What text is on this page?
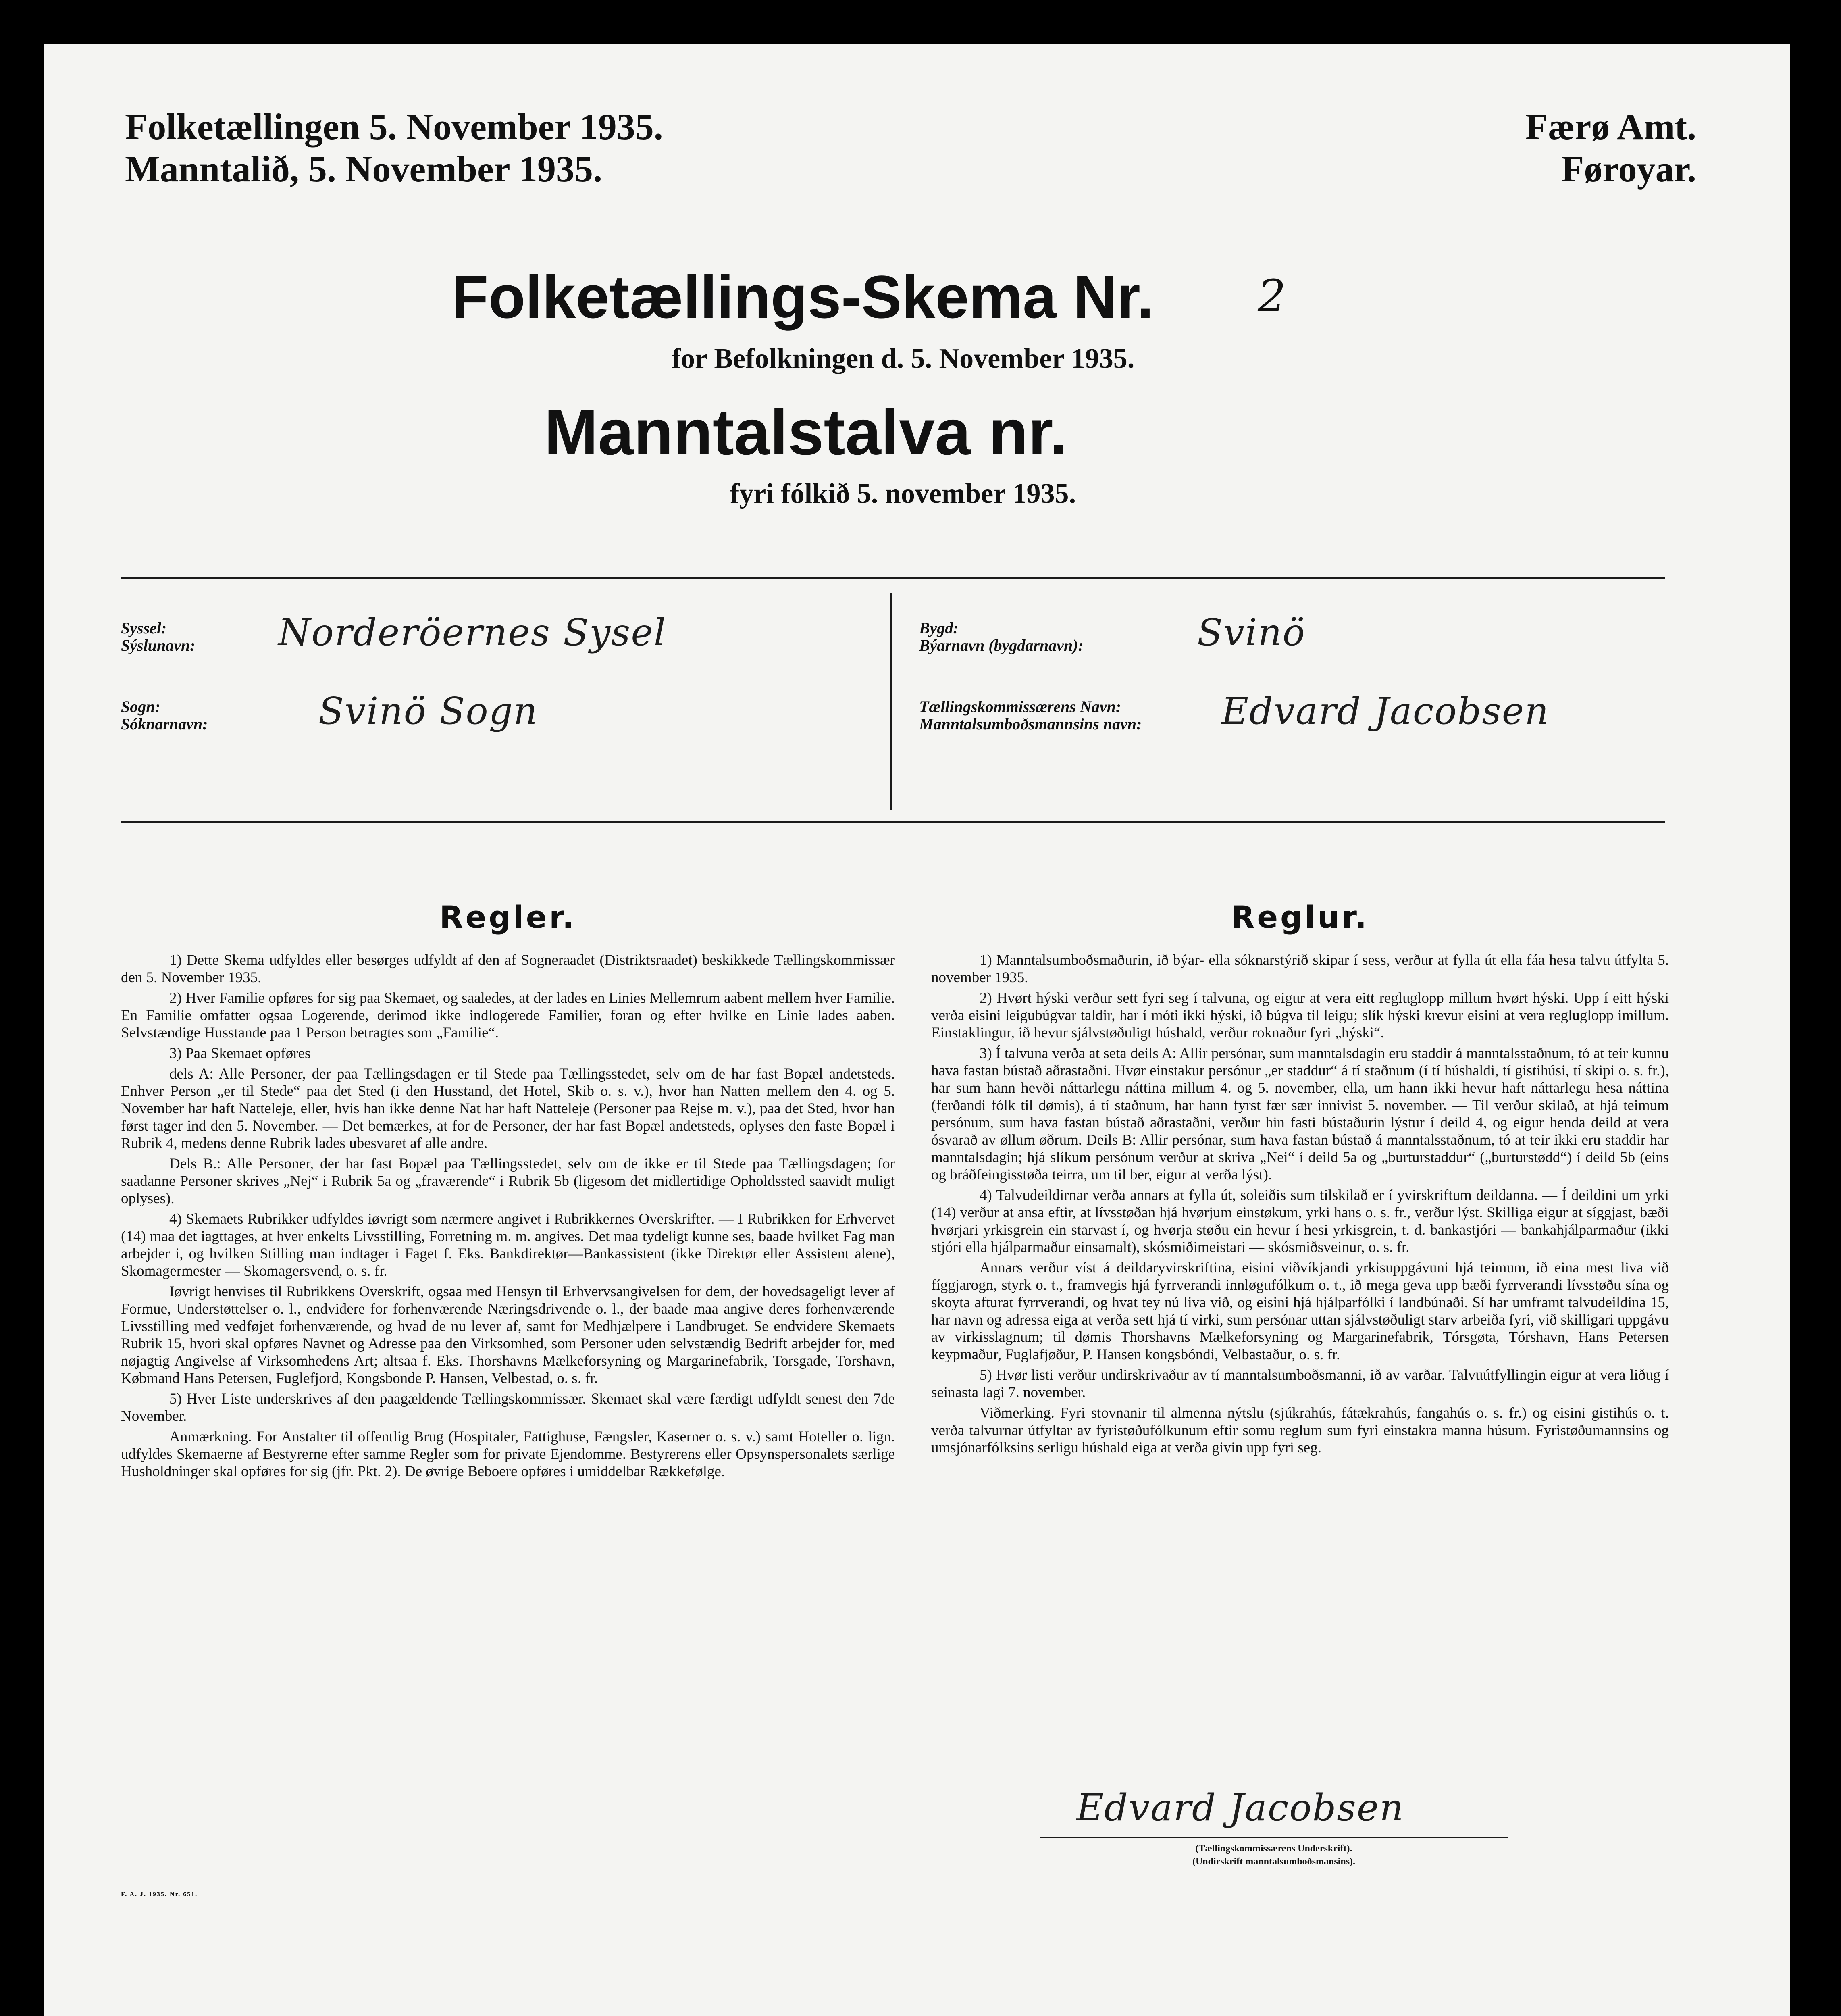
Folketællingen 5. November 1935.
Manntalið, 5. November 1935.
Færø Amt.
Føroyar.
Folketællings-Skema Nr. 2
for Befolkningen d. 5. November 1935.
Manntalstalva nr.
fyri fólkið 5. november 1935.
Syssel:
Sýslunavn: Norderöernes Sysel
Sogn:
Sóknarnavn:	Svinö Sogn
Bygd:
Býarnavn (bygdarnavn):	Svinö
Tællingskommissærens Navn:
Manntalsumboðsmannsins navn: Edvard Jacobsen
Regler.

1) Dette Skema udfyldes eller besørges udfyldt af den af Sogneraadet (Distriktsraadet) beskikkede Tællingskommissær den 5. November 1935.

2) Hver Familie opføres for sig paa Skemaet, og saaledes, at der lades en Linies Mellemrum aabent mellem hver Familie. En Familie omfatter ogsaa Logerende, derimod ikke indlogerede Familier, foran og efter hvilke en Linie lades aaben. Selvstændige Husstande paa 1 Person betragtes som „Familie“.

3) Paa Skemaet opføres

dels A: Alle Personer, der paa Tællingsdagen er til Stede paa Tællingsstedet, selv om de har fast Bopæl andetsteds. Enhver Person „er til Stede“ paa det Sted (i den Husstand, det Hotel, Skib o. s. v.), hvor han Natten mellem den 4. og 5. November har haft Natteleje, eller, hvis han ikke denne Nat har haft Natteleje (Personer paa Rejse m. v.), paa det Sted, hvor han først tager ind den 5. November. — Det bemærkes, at for de Personer, der har fast Bopæl andetsteds, oplyses den faste Bopæl i Rubrik 4, medens denne Rubrik lades ubesvaret af alle andre.

Dels B.: Alle Personer, der har fast Bopæl paa Tællingsstedet, selv om de ikke er til Stede paa Tællingsdagen; for saadanne Personer skrives „Nej“ i Rubrik 5a og „fraværende“ i Rubrik 5b (ligesom det midlertidige Opholdssted saavidt muligt oplyses).

4) Skemaets Rubrikker udfyldes iøvrigt som nærmere angivet i Rubrikkernes Overskrifter. — I Rubrikken for Erhvervet (14) maa det iagttages, at hver enkelts Livsstilling, Forretning m. m. angives. Det maa tydeligt kunne ses, baade hvilket Fag man arbejder i, og hvilken Stilling man indtager i Faget f. Eks. Bankdirektør—Bankassistent (ikke Direktør eller Assistent alene), Skomagermester — Skomagersvend, o. s. fr.

Iøvrigt henvises til Rubrikkens Overskrift, ogsaa med Hensyn til Erhvervsangivelsen for dem, der hovedsageligt lever af Formue, Understøttelser o. l., endvidere for forhenværende Næringsdrivende o. l., der baade maa angive deres forhenværende Livsstilling med vedføjet forhenværende, og hvad de nu lever af, samt for Medhjælpere i Landbruget. Se endvidere Skemaets Rubrik 15, hvori skal opføres Navnet og Adresse paa den Virksomhed, som Personer uden selvstændig Bedrift arbejder for, med nøjagtig Angivelse af Virksomhedens Art; altsaa f. Eks. Thorshavns Mælkeforsyning og Margarinefabrik, Torsgade, Torshavn, Købmand Hans Petersen, Fuglefjord, Kongsbonde P. Hansen, Velbestad, o. s. fr.

5) Hver Liste underskrives af den paagældende Tællingskommissær. Skemaet skal være færdigt udfyldt senest den 7de November.

Anmærkning. For Anstalter til offentlig Brug (Hospitaler, Fattighuse, Fængsler, Kaserner o. s. v.) samt Hoteller o. lign. udfyldes Skemaerne af Bestyrerne efter samme Regler som for private Ejendomme. Bestyrerens eller Opsynspersonalets særlige Husholdninger skal opføres for sig (jfr. Pkt. 2). De øvrige Beboere opføres i umiddelbar Rækkefølge.

Reglur.

1) Manntalsumboðsmaðurin, ið býar- ella sóknarstýrið skipar í sess, verður at fylla út ella fáa hesa talvu útfylta 5. november 1935.

2) Hvørt hýski verður sett fyri seg í talvuna, og eigur at vera eitt regluglopp millum hvørt hýski. Upp í eitt hýski verða eisini leigubúgvar taldir, har í móti ikki hýski, ið búgva til leigu; slík hýski krevur eisini at vera regluglopp imillum. Einstaklingur, ið hevur sjálvstøðuligt húshald, verður roknaður fyri „hýski“.

3) Í talvuna verða at seta deils A: Allir persónar, sum manntalsdagin eru staddir á manntalsstaðnum, tó at teir kunnu hava fastan bústað aðrastaðni. Hvør einstakur persónur „er staddur“ á tí staðnum (í tí húshaldi, tí gistihúsi, tí skipi o. s. fr.), har sum hann hevði náttarlegu náttina millum 4. og 5. november, ella, um hann ikki hevur haft náttarlegu hesa náttina (ferðandi fólk til dømis), á tí staðnum, har hann fyrst fær sær innivist 5. november. — Til verður skilað, at hjá teimum persónum, sum hava fastan bústað aðrastaðni, verður hin fasti bústaðurin lýstur í deild 4, og eigur henda deild at vera ósvarað av øllum øðrum. Deils B: Allir persónar, sum hava fastan bústað á manntalsstaðnum, tó at teir ikki eru staddir har manntalsdagin; hjá slíkum persónum verður at skriva „Nei“ í deild 5a og „burturstaddur“ („burturstødd“) í deild 5b (eins og bráðfeingisstøða teirra, um til ber, eigur at verða lýst).

4) Talvudeildirnar verða annars at fylla út, soleiðis sum tilskilað er í yvirskriftum deildanna. — Í deildini um yrki (14) verður at ansa eftir, at lívsstøðan hjá hvørjum einstøkum, yrki hans o. s. fr., verður lýst. Skilliga eigur at síggjast, bæði hvørjari yrkisgrein ein starvast í, og hvørja støðu ein hevur í hesi yrkisgrein, t. d. bankastjóri — bankahjálparmaður (ikki stjóri ella hjálparmaður einsamalt), skósmiðimeistari — skósmiðsveinur, o. s. fr.

Annars verður víst á deildaryvirskriftina, eisini viðvíkjandi yrkisuppgávuni hjá teimum, ið eina mest liva við fíggjarogn, styrk o. t., framvegis hjá fyrrverandi innløgufólkum o. t., ið mega geva upp bæði fyrrverandi lívsstøðu sína og skoyta afturat fyrrverandi, og hvat tey nú liva við, og eisini hjá hjálparfólki í landbúnaði. Sí har umframt talvudeildina 15, har navn og adressa eiga at verða sett hjá tí virki, sum persónar uttan sjálvstøðuligt starv arbeiða fyri, við skilligari uppgávu av virkisslagnum; til dømis Thorshavns Mælkeforsyning og Margarinefabrik, Tórsgøta, Tórshavn, Hans Petersen keypmaður, Fuglafjøður, P. Hansen kongsbóndi, Velbastaður, o. s. fr.

5) Hvør listi verður undirskrivaður av tí manntalsumboðsmanni, ið av varðar. Talvuútfyllingin eigur at vera liðug í seinasta lagi 7. november.

Viðmerking. Fyri stovnanir til almenna nýtslu (sjúkrahús, fátækrahús, fangahús o. s. fr.) og eisini gistihús o. t. verða talvurnar útfyltar av fyristøðufólkunum eftir somu reglum sum fyri einstakra manna húsum. Fyristøðumannsins og umsjónarfólksins serligu húshald eiga at verða givin upp fyri seg.

Edvard Jacobsen
(Tællingskommissærens Underskrift).
(Undirskrift manntalsumboðsmansins).
F. A. J. 1935. Nr. 651.
